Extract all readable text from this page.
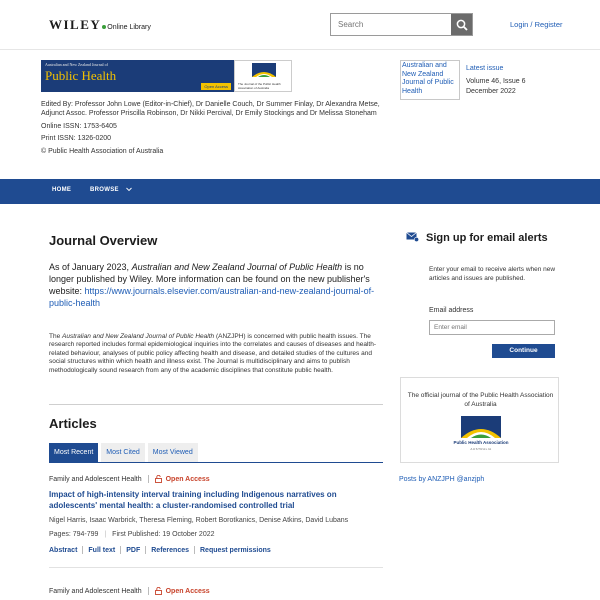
WILEY Online Library
Search	Login / Register
Australian and New Zealand Journal of
Public Health
Open Access	The Journal of the Public Health Association of Australia
Edited By: Professor John Lowe (Editor-in-Chief), Dr Danielle Couch, Dr Summer Finlay, Dr Alexandra Metse, Adjunct Assoc. Professor Priscilla Robinson, Dr Nikki Percival, Dr Emily Stockings and Dr Melissa Stoneham
Online ISSN: 1753-6405
Print ISSN: 1326-0200
© Public Health Association of Australia
Australian and New Zealand Journal of Public Health
Latest issue
Volume 46, Issue 6
December 2022
HOME	BROWSE
Journal Overview
As of January 2023, Australian and New Zealand Journal of Public Health is no longer published by Wiley. More information can be found on the new publisher's website: https://www.journals.elsevier.com/australian-and-new-zealand-journal-of-public-health
The Australian and New Zealand Journal of Public Health (ANZJPH) is concerned with public health issues. The research reported includes formal epidemiological inquiries into the correlates and causes of diseases and health-related behaviour, analyses of public policy affecting health and disease, and detailed studies of the cultures and social structures within which health and illness exist. The Journal is multidisciplinary and aims to publish methodologically sound research from any of the academic disciplines that constitute public health.
Articles
Most Recent	Most Cited	Most Viewed
Family and Adolescent Health	Open Access
Impact of high-intensity interval training including Indigenous narratives on adolescents' mental health: a cluster-randomised controlled trial
Nigel Harris, Isaac Warbrick, Theresa Fleming, Robert Borotkanics, Denise Atkins, David Lubans
Pages: 794-799 | First Published: 19 October 2022
Abstract Full text PDF References Request permissions
Family and Adolescent Health	Open Access
Sign up for email alerts
Enter your email to receive alerts when new articles and issues are published.
Email address
Enter email
Continue
The official journal of the Public Health Association of Australia
Public Health Association
AUSTRALIA
Posts by ANZJPH @anzjph
